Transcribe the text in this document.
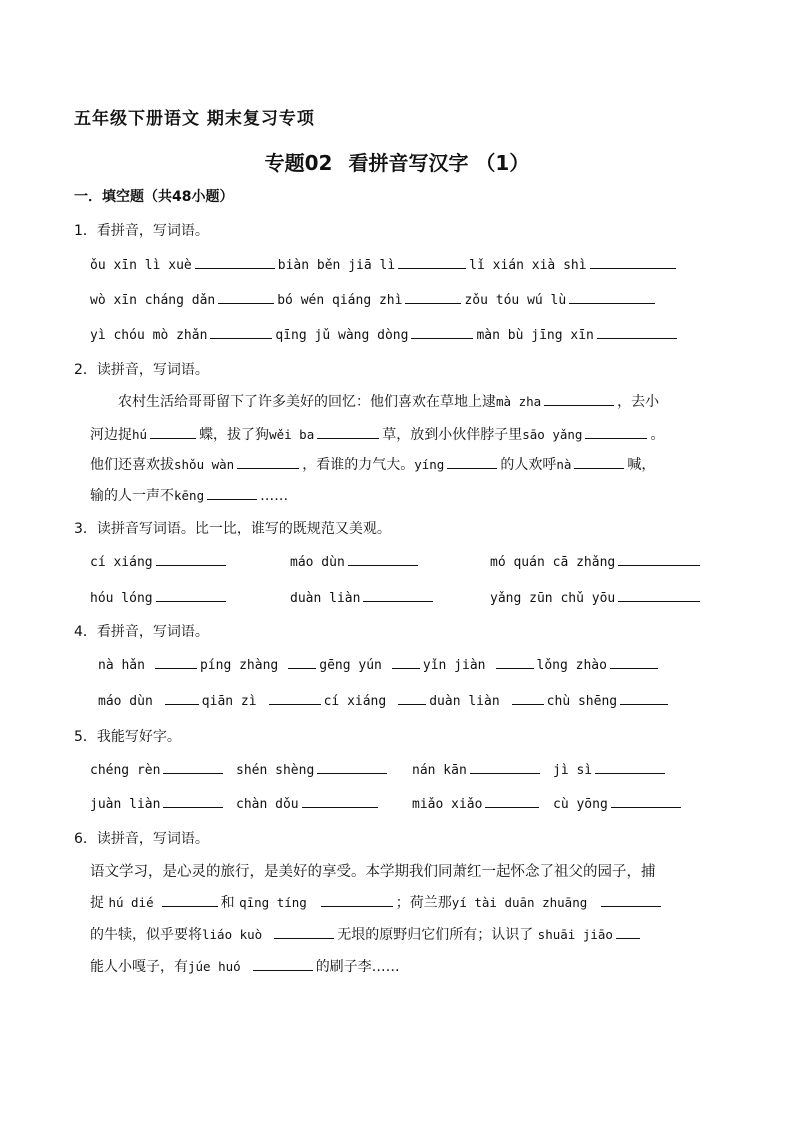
五年级下册语文 期末复习专项
专题02 看拼音写汉字 （1）
一．填空题（共48小题）
1．看拼音，写词语。
ǒu xīn lì xuè	biàn běn jiā lì	lǐ xián xià shì
wò xīn cháng dǎn	bó wén qiáng zhì	zǒu tóu wú lù
yì chóu mò zhǎn	qīng jǔ wàng dòng	màn bù jīng xīn
2．读拼音，写词语。
农村生活给哥哥留下了许多美好的回忆：他们喜欢在草地上逮mà zha	，去小
河边捉hú	蝶，拔了狗wěi ba	草，放到小伙伴脖子里sāo yǎng	。
他们还喜欢拔shǒu wàn	，看谁的力气大。yíng	的人欢呼nà	喊，
输的人一声不kēng	……
3．读拼音写词语。比一比，谁写的既规范又美观。
cí xiáng	máo dùn	mó quán cā zhǎng
hóu lóng	duàn liàn	yǎng zūn chǔ yōu
4．看拼音，写词语。
nà hǎn	píng zhàng	gēng yún	yǐn jiàn	lǒng zhào
máo dùn	qiān zì	cí xiáng	duàn liàn	chù shēng
5．我能写好字。
chéng rèn	shén shèng	nán kān	jì sì
juàn liàn	chàn dǒu	miǎo xiǎo	cù yōng
6．读拼音，写词语。
语文学习，是心灵的旅行，是美好的享受。本学期我们同萧红一起怀念了祖父的园子，捕
捉 hú dié	和 qīng tíng	；荷兰那yí tài duān zhuāng
的牛犊，似乎要将liáo kuò	无垠的原野归它们所有；认识了 shuāi jiāo
能人小嘎子，有júe huó	的刷子李……
